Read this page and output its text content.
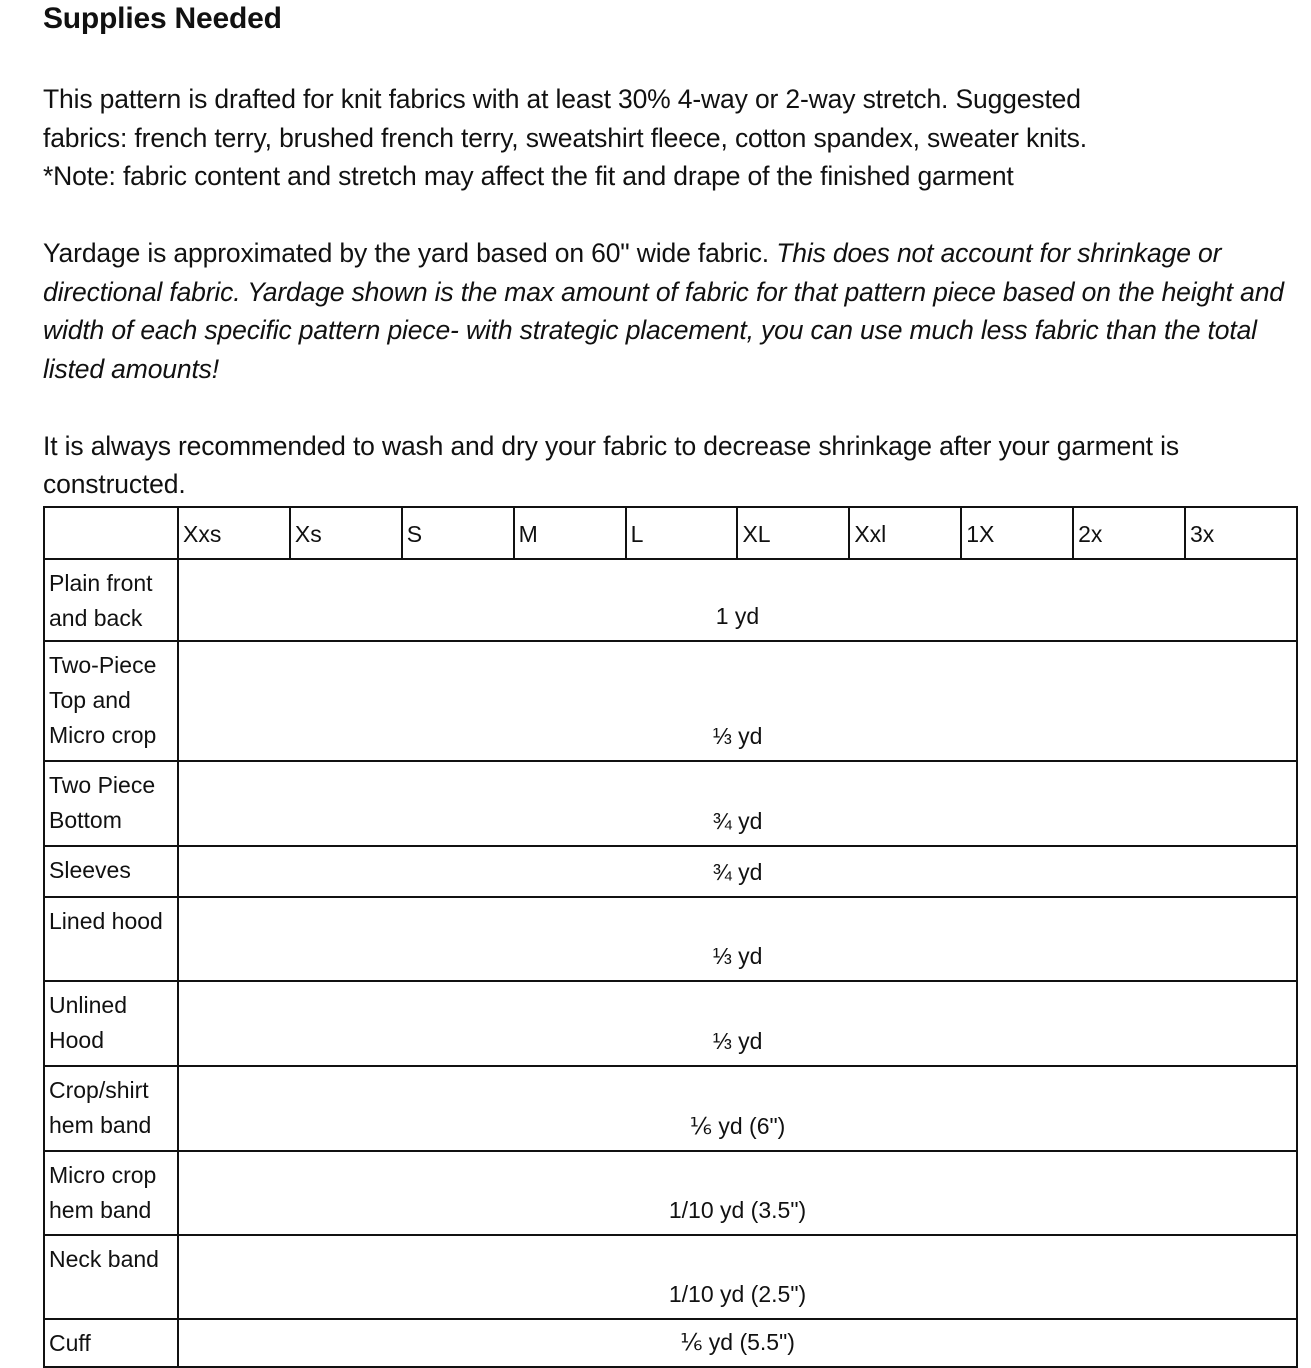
Supplies Needed

This pattern is drafted for knit fabrics with at least 30% 4-way or 2-way stretch. Suggested
fabrics: french terry, brushed french terry, sweatshirt fleece, cotton spandex, sweater knits.
*Note: fabric content and stretch may affect the fit and drape of the finished garment

Yardage is approximated by the yard based on 60" wide fabric. This does not account for shrinkage or directional fabric. Yardage shown is the max amount of fabric for that pattern piece based on the height and width of each specific pattern piece- with strategic placement, you can use much less fabric than the total listed amounts!

It is always recommended to wash and dry your fabric to decrease shrinkage after your garment is constructed.

	Xxs	Xs	S	M	L	XL	Xxl	1X	2x	3x
Plain front and back	1 yd									
Two-Piece Top and Micro crop	⅓ yd									
Two Piece Bottom	¾ yd									
Sleeves	¾ yd									
Lined hood	⅓ yd									
Unlined Hood	⅓ yd									
Crop/shirt hem band	⅙ yd (6")									
Micro crop hem band	1/10 yd (3.5")									
Neck band	1/10 yd (2.5")									
Cuff	⅙ yd (5.5")									
